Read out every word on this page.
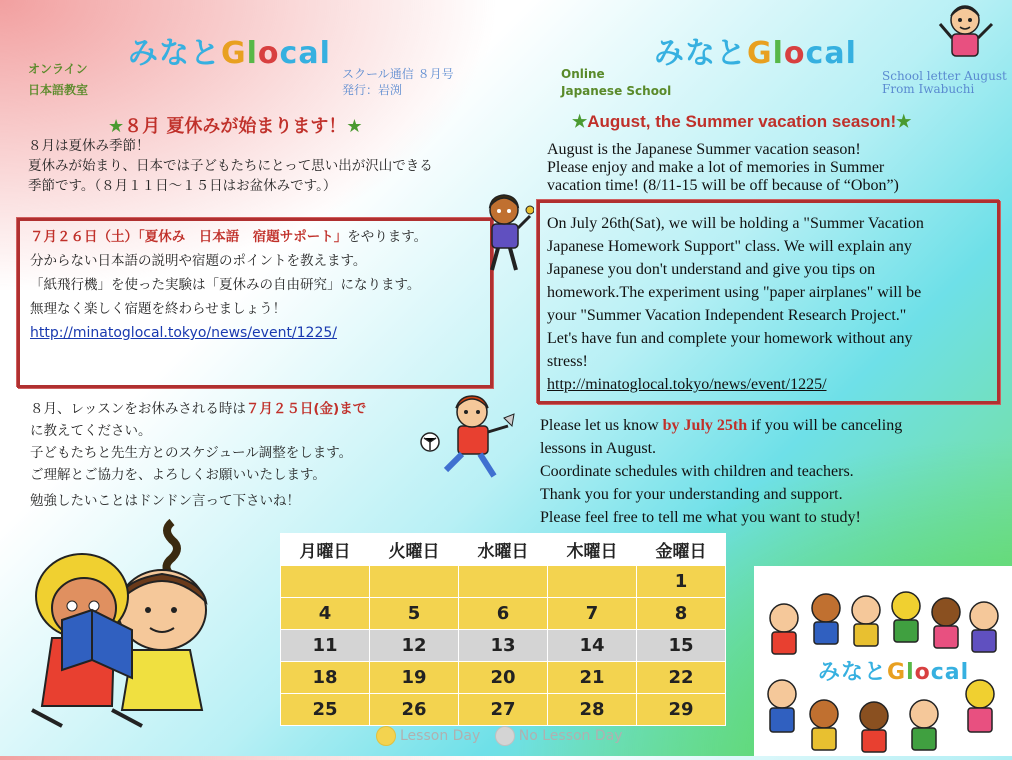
みなとGlocal
オンライン
日本語教室
スクール通信 ８月号
発行：岩渕
みなとGlocal
Online
Japanese School
School letter August
From Iwabuchi
★８月 夏休みが始まります！★
８月は夏休み季節！
夏休みが始まり、日本では子どもたちにとって思い出が沢山できる
季節です。（８月１１日〜１５日はお盆休みです。）
７月２６日（土）「夏休み　日本語　宿題サポート」をやります。
分からない日本語の説明や宿題のポイントを教えます。
「紙飛行機」を使った実験は「夏休みの自由研究」になります。
無理なく楽しく宿題を終わらせましょう！
http://minatoglocal.tokyo/news/event/1225/
８月、レッスンをお休みされる時は７月２５日(金)まで
に教えてください。
子どもたちと先生方とのスケジュール調整をします。
ご理解とご協力を、よろしくお願いいたします。
勉強したいことはドンドン言って下さいね！
★August, the Summer vacation season!★
August is the Japanese Summer vacation season!
Please enjoy and make a lot of memories in Summer
vacation time! (8/11-15 will be off because of “Obon”)
On July 26th(Sat), we will be holding a "Summer Vacation
Japanese Homework Support" class. We will explain any
Japanese you don't understand and give you tips on
homework.The experiment using "paper airplanes" will be
your "Summer Vacation Independent Research Project."
Let's have fun and complete your homework without any
stress!
http://minatoglocal.tokyo/news/event/1225/
Please let us know by July 25th if you will be canceling
lessons in August.
Coordinate schedules with children and teachers.
Thank you for your understanding and support.
Please feel free to tell me what you want to study!
月曜日	火曜日	水曜日	木曜日	金曜日
				1
4	5	6	7	8
11	12	13	14	15
18	19	20	21	22
25	26	27	28	29
Lesson Day	No Lesson Day
みなとGlocal
